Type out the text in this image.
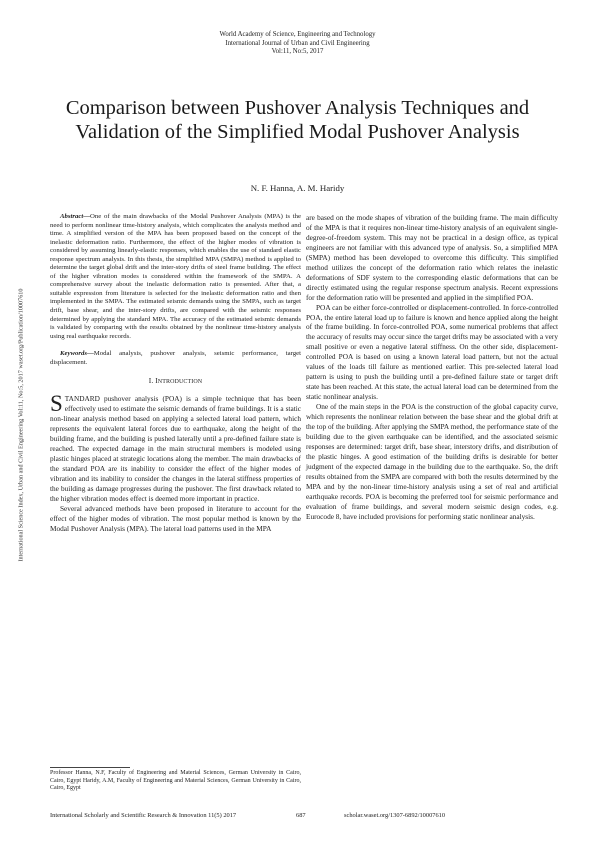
World Academy of Science, Engineering and Technology
International Journal of Urban and Civil Engineering
Vol:11, No:5, 2017
Comparison between Pushover Analysis Techniques and Validation of the Simplified Modal Pushover Analysis
N. F. Hanna, A. M. Haridy
International Science Index, Urban and Civil Engineering Vol:11, No:5, 2017 waset.org/Publication/10007610

Abstract—One of the main drawbacks of the Modal Pushover Analysis (MPA) is the need to perform nonlinear time-history analysis, which complicates the analysis method and time. A simplified version of the MPA has been proposed based on the concept of the inelastic deformation ratio. Furthermore, the effect of the higher modes of vibration is considered by assuming linearly-elastic responses, which enables the use of standard elastic response spectrum analysis. In this thesis, the simplified MPA (SMPA) method is applied to determine the target global drift and the inter-story drifts of steel frame building. The effect of the higher vibration modes is considered within the framework of the SMPA. A comprehensive survey about the inelastic deformation ratio is presented. After that, a suitable expression from literature is selected for the inelastic deformation ratio and then implemented in the SMPA. The estimated seismic demands using the SMPA, such as target drift, base shear, and the inter-story drifts, are compared with the seismic responses determined by applying the standard MPA. The accuracy of the estimated seismic demands is validated by comparing with the results obtained by the nonlinear time-history analysis using real earthquake records.

Keywords—Modal analysis, pushover analysis, seismic performance, target displacement.

I. INTRODUCTION

STANDARD pushover analysis (POA) is a simple technique that has been effectively used to estimate the seismic demands of frame buildings. It is a static non-linear analysis method based on applying a selected lateral load pattern, which represents the equivalent lateral forces due to earthquake, along the height of the building frame, and the building is pushed laterally until a pre-defined failure state is reached. The expected damage in the main structural members is modeled using plastic hinges placed at strategic locations along the member. The main drawbacks of the standard POA are its inability to consider the effect of the higher modes of vibration and its inability to consider the changes in the lateral stiffness properties of the building as damage progresses during the pushover. The first drawback related to the higher vibration modes effect is deemed more important in practice.

Several advanced methods have been proposed in literature to account for the effect of the higher modes of vibration. The most popular method is known by the Modal Pushover Analysis (MPA). The lateral load patterns used in the MPA

are based on the mode shapes of vibration of the building frame. The main difficulty of the MPA is that it requires non-linear time-history analysis of an equivalent single-degree-of-freedom system. This may not be practical in a design office, as typical engineers are not familiar with this advanced type of analysis. So, a simplified MPA (SMPA) method has been developed to overcome this difficulty. This simplified method utilizes the concept of the deformation ratio which relates the inelastic deformations of SDF system to the corresponding elastic deformations that can be directly estimated using the regular response spectrum analysis. Recent expressions for the deformation ratio will be presented and applied in the simplified POA.

POA can be either force-controlled or displacement-controlled. In force-controlled POA, the entire lateral load up to failure is known and hence applied along the height of the frame building. In force-controlled POA, some numerical problems that affect the accuracy of results may occur since the target drifts may be associated with a very small positive or even a negative lateral stiffness. On the other side, displacement-controlled POA is based on using a known lateral load pattern, but not the actual values of the loads till failure as mentioned earlier. This pre-selected lateral load pattern is using to push the building until a pre-defined failure state or target drift state has been reached. At this state, the actual lateral load can be determined from the static nonlinear analysis.

One of the main steps in the POA is the construction of the global capacity curve, which represents the nonlinear relation between the base shear and the global drift at the top of the building. After applying the SMPA method, the performance state of the building due to the given earthquake can be identified, and the associated seismic responses are determined: target drift, base shear, interstory drifts, and distribution of the plastic hinges. A good estimation of the building drifts is desirable for better judgment of the expected damage in the building due to the earthquake. So, the drift results obtained from the SMPA are compared with both the results determined by the MPA and by the non-linear time-history analysis using a set of real and artificial earthquake records. POA is becoming the preferred tool for seismic performance and evaluation of frame buildings, and several modern seismic design codes, e.g. Eurocode 8, have included provisions for performing static nonlinear analysis.

Professor Hanna, N.F, Faculty of Engineering and Material Sciences, German University in Cairo, Cairo, Egypt Haridy, A.M, Faculty of Engineering and Material Sciences, German University in Cairo, Cairo, Egypt

International Scholarly and Scientific Research & Innovation 11(5) 2017	687	scholar.waset.org/1307-6892/10007610
